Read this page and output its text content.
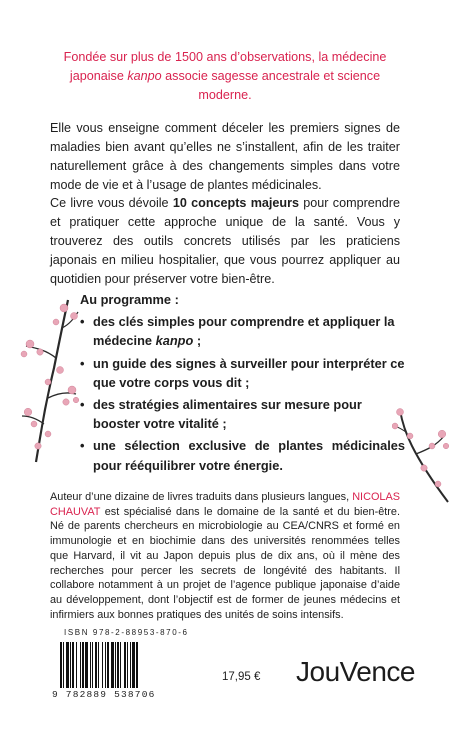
Fondée sur plus de 1500 ans d’observations, la médecine japonaise kanpo associe sagesse ancestrale et science moderne.

Elle vous enseigne comment déceler les premiers signes de maladies bien avant qu’elles ne s’installent, afin de les traiter naturellement grâce à des changements simples dans votre mode de vie et à l’usage de plantes médicinales.

Ce livre vous dévoile 10 concepts majeurs pour comprendre et pratiquer cette approche unique de la santé. Vous y trouverez des outils concrets utilisés par les praticiens japonais en milieu hospitalier, que vous pourrez appliquer au quotidien pour préserver votre bien-être.

Au programme :
• des clés simples pour comprendre et appliquer la médecine kanpo ;
• un guide des signes à surveiller pour interpréter ce que votre corps vous dit ;
• des stratégies alimentaires sur mesure pour booster votre vitalité ;
• une sélection exclusive de plantes médicinales pour rééquilibrer votre énergie.

Auteur d’une dizaine de livres traduits dans plusieurs langues, NICOLAS CHAUVAT est spécialisé dans le domaine de la santé et du bien-être. Né de parents chercheurs en microbiologie au CEA/CNRS et formé en immunologie et en biochimie dans des universités renommées telles que Harvard, il vit au Japon depuis plus de dix ans, où il mène des recherches pour percer les secrets de longévité des habitants. Il collabore notamment à un projet de l’agence publique japonaise d’aide au développement, dont l’objectif est de former de jeunes médecins et infirmiers aux bonnes pratiques des unités de soins intensifs.

ISBN 978-2-88953-870-6
9 782889 538706
17,95 € JouVence
